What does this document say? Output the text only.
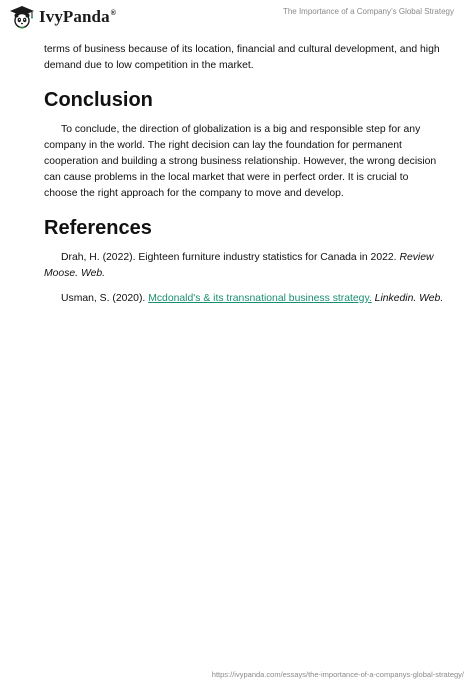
IvyPanda®	The Importance of a Company’s Global Strategy

terms of business because of its location, financial and cultural development, and high demand due to low competition in the market.

Conclusion

To conclude, the direction of globalization is a big and responsible step for any company in the world. The right decision can lay the foundation for permanent cooperation and building a strong business relationship. However, the wrong decision can cause problems in the local market that were in perfect order. It is crucial to choose the right approach for the company to move and develop.

References

Drah, H. (2022). Eighteen furniture industry statistics for Canada in 2022. Review Moose. Web.

Usman, S. (2020). Mcdonald's & its transnational business strategy. Linkedin. Web.

https://ivypanda.com/essays/the-importance-of-a-companys-global-strategy/
